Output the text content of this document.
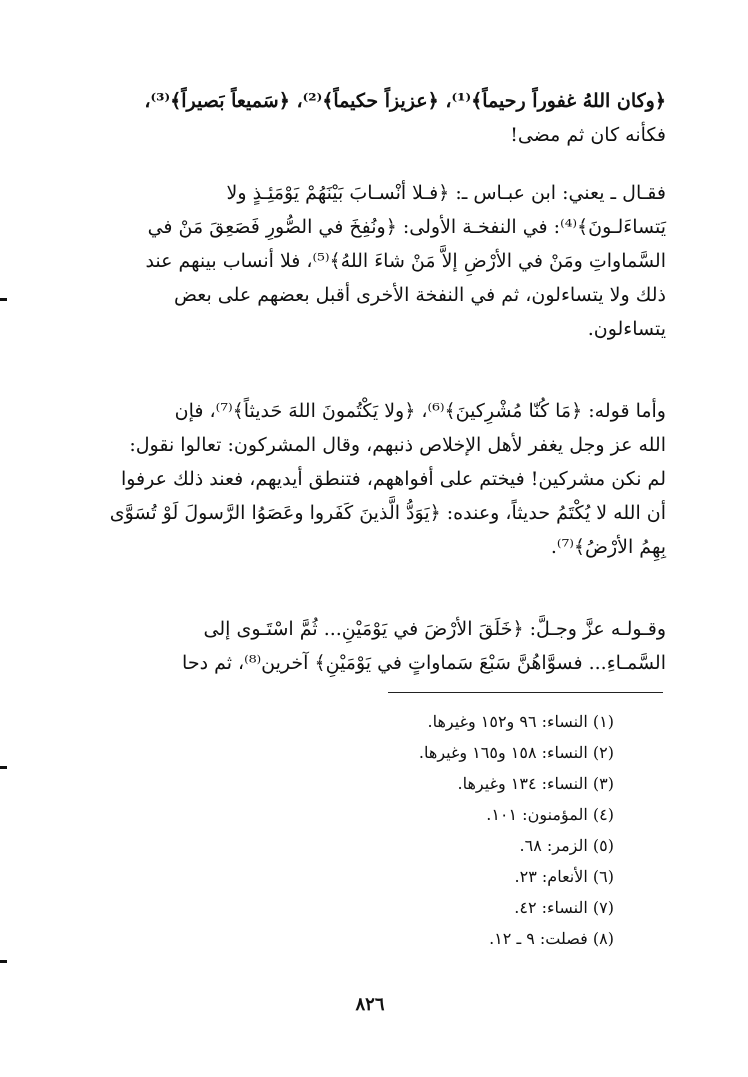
﴿وكان اللهُ غفوراً رحيماً﴾⁽¹⁾، ﴿عزيزاً حكيماً﴾⁽²⁾، ﴿سَميعاً بَصيراً﴾⁽³⁾،
فكأنه كان ثم مضى!
فقـال ـ يعني: ابن عبـاس ـ: ﴿فـلا أنْسـابَ بَيْنَهُمْ يَوْمَئِـذٍ ولا
يَتساءَلـونَ﴾⁽⁴⁾: في النفخـة الأولى: ﴿ونُفِخَ في الصُّورِ فَصَعِقَ مَنْ في
السَّماواتِ ومَنْ في الأرْضِ إلاَّ مَنْ شاءَ اللهُ﴾⁽⁵⁾، فلا أنساب بينهم عند
ذلك ولا يتساءلون، ثم في النفخة الأخرى أقبل بعضهم على بعض
يتساءلون.
وأما قوله: ﴿مَا كُنّا مُشْرِكينَ﴾⁽⁶⁾، ﴿ولا يَكْتُمونَ اللهَ حَديثاً﴾⁽⁷⁾، فإن
الله عز وجل يغفر لأهل الإخلاص ذنبهم، وقال المشركون: تعالوا نقول:
لم نكن مشركين! فيختم على أفواههم، فتنطق أيديهم، فعند ذلك عرفوا
أن الله لا يُكْتَمُ حديثاً، وعنده: ﴿يَوَدُّ الَّذينَ كَفَروا وعَصَوُا الرَّسولَ لَوْ تُسَوَّى
بِهِمُ الأرْضُ﴾⁽⁷⁾.
وقـولـه عزَّ وجـلَّ: ﴿خَلَقَ الأرْضَ في يَوْمَيْنِ... ثُمَّ اسْتَـوى إلى
السَّمـاءِ... فسوَّاهُنَّ سَبْعَ سَماواتٍ في يَوْمَيْنِ﴾ آخرين⁽⁸⁾، ثم دحا
(١) النساء: ٩٦ و١٥٢ وغيرها.
(٢) النساء: ١٥٨ و١٦٥ وغيرها.
(٣) النساء: ١٣٤ وغيرها.
(٤) المؤمنون: ١٠١.
(٥) الزمر: ٦٨.
(٦) الأنعام: ٢٣.
(٧) النساء: ٤٢.
(٨) فصلت: ٩ ـ ١٢.
٨٢٦
